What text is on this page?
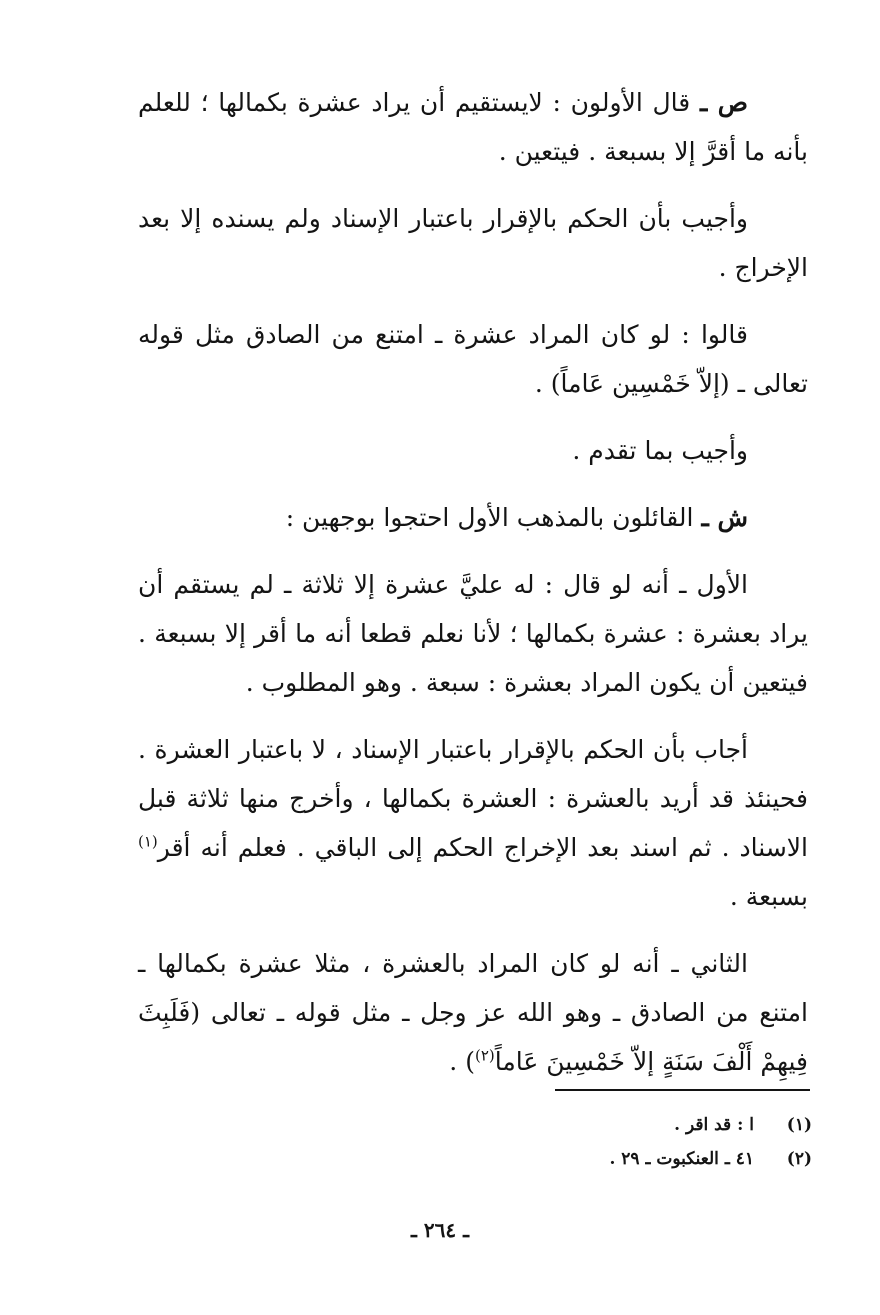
ص ـ قال الأولون : لايستقيم أن يراد عشرة بكمالها ؛ للعلم بأنه ما أقرَّ إلا بسبعة . فيتعين .

وأجيب بأن الحكم بالإقرار باعتبار الإسناد ولم يسنده إلا بعد الإخراج .

قالوا : لو كان المراد عشرة ـ امتنع من الصادق مثل قوله تعالى ـ (إلاّ خَمْسِين عَاماً) .

وأجيب بما تقدم .

ش ـ القائلون بالمذهب الأول احتجوا بوجهين :

الأول ـ أنه لو قال : له عليَّ عشرة إلا ثلاثة ـ لم يستقم أن يراد بعشرة : عشرة بكمالها ؛ لأنا نعلم قطعا أنه ما أقر إلا بسبعة . فيتعين أن يكون المراد بعشرة : سبعة . وهو المطلوب .

أجاب بأن الحكم بالإقرار باعتبار الإسناد ، لا باعتبار العشرة . فحينئذ قد أريد بالعشرة : العشرة بكمالها ، وأخرج منها ثلاثة قبل الاسناد . ثم اسند بعد الإخراج الحكم إلى الباقي . فعلم أنه أقر$^{(١)}$ بسبعة .

الثاني ـ أنه لو كان المراد بالعشرة ، مثلا عشرة بكمالها ـ امتنع من الصادق ـ وهو الله عز وجل ـ مثل قوله ـ تعالى (فَلَبِثَ فِيهِمْ أَلْفَ سَنَةٍ إلاّ خَمْسِينَ عَاماً$^{(٢)}$) .

(١)
ا : قد اقر .
(٢)
٤١ ـ العنكبوت ـ ٢٩ .
ـ ٢٦٤ ـ
